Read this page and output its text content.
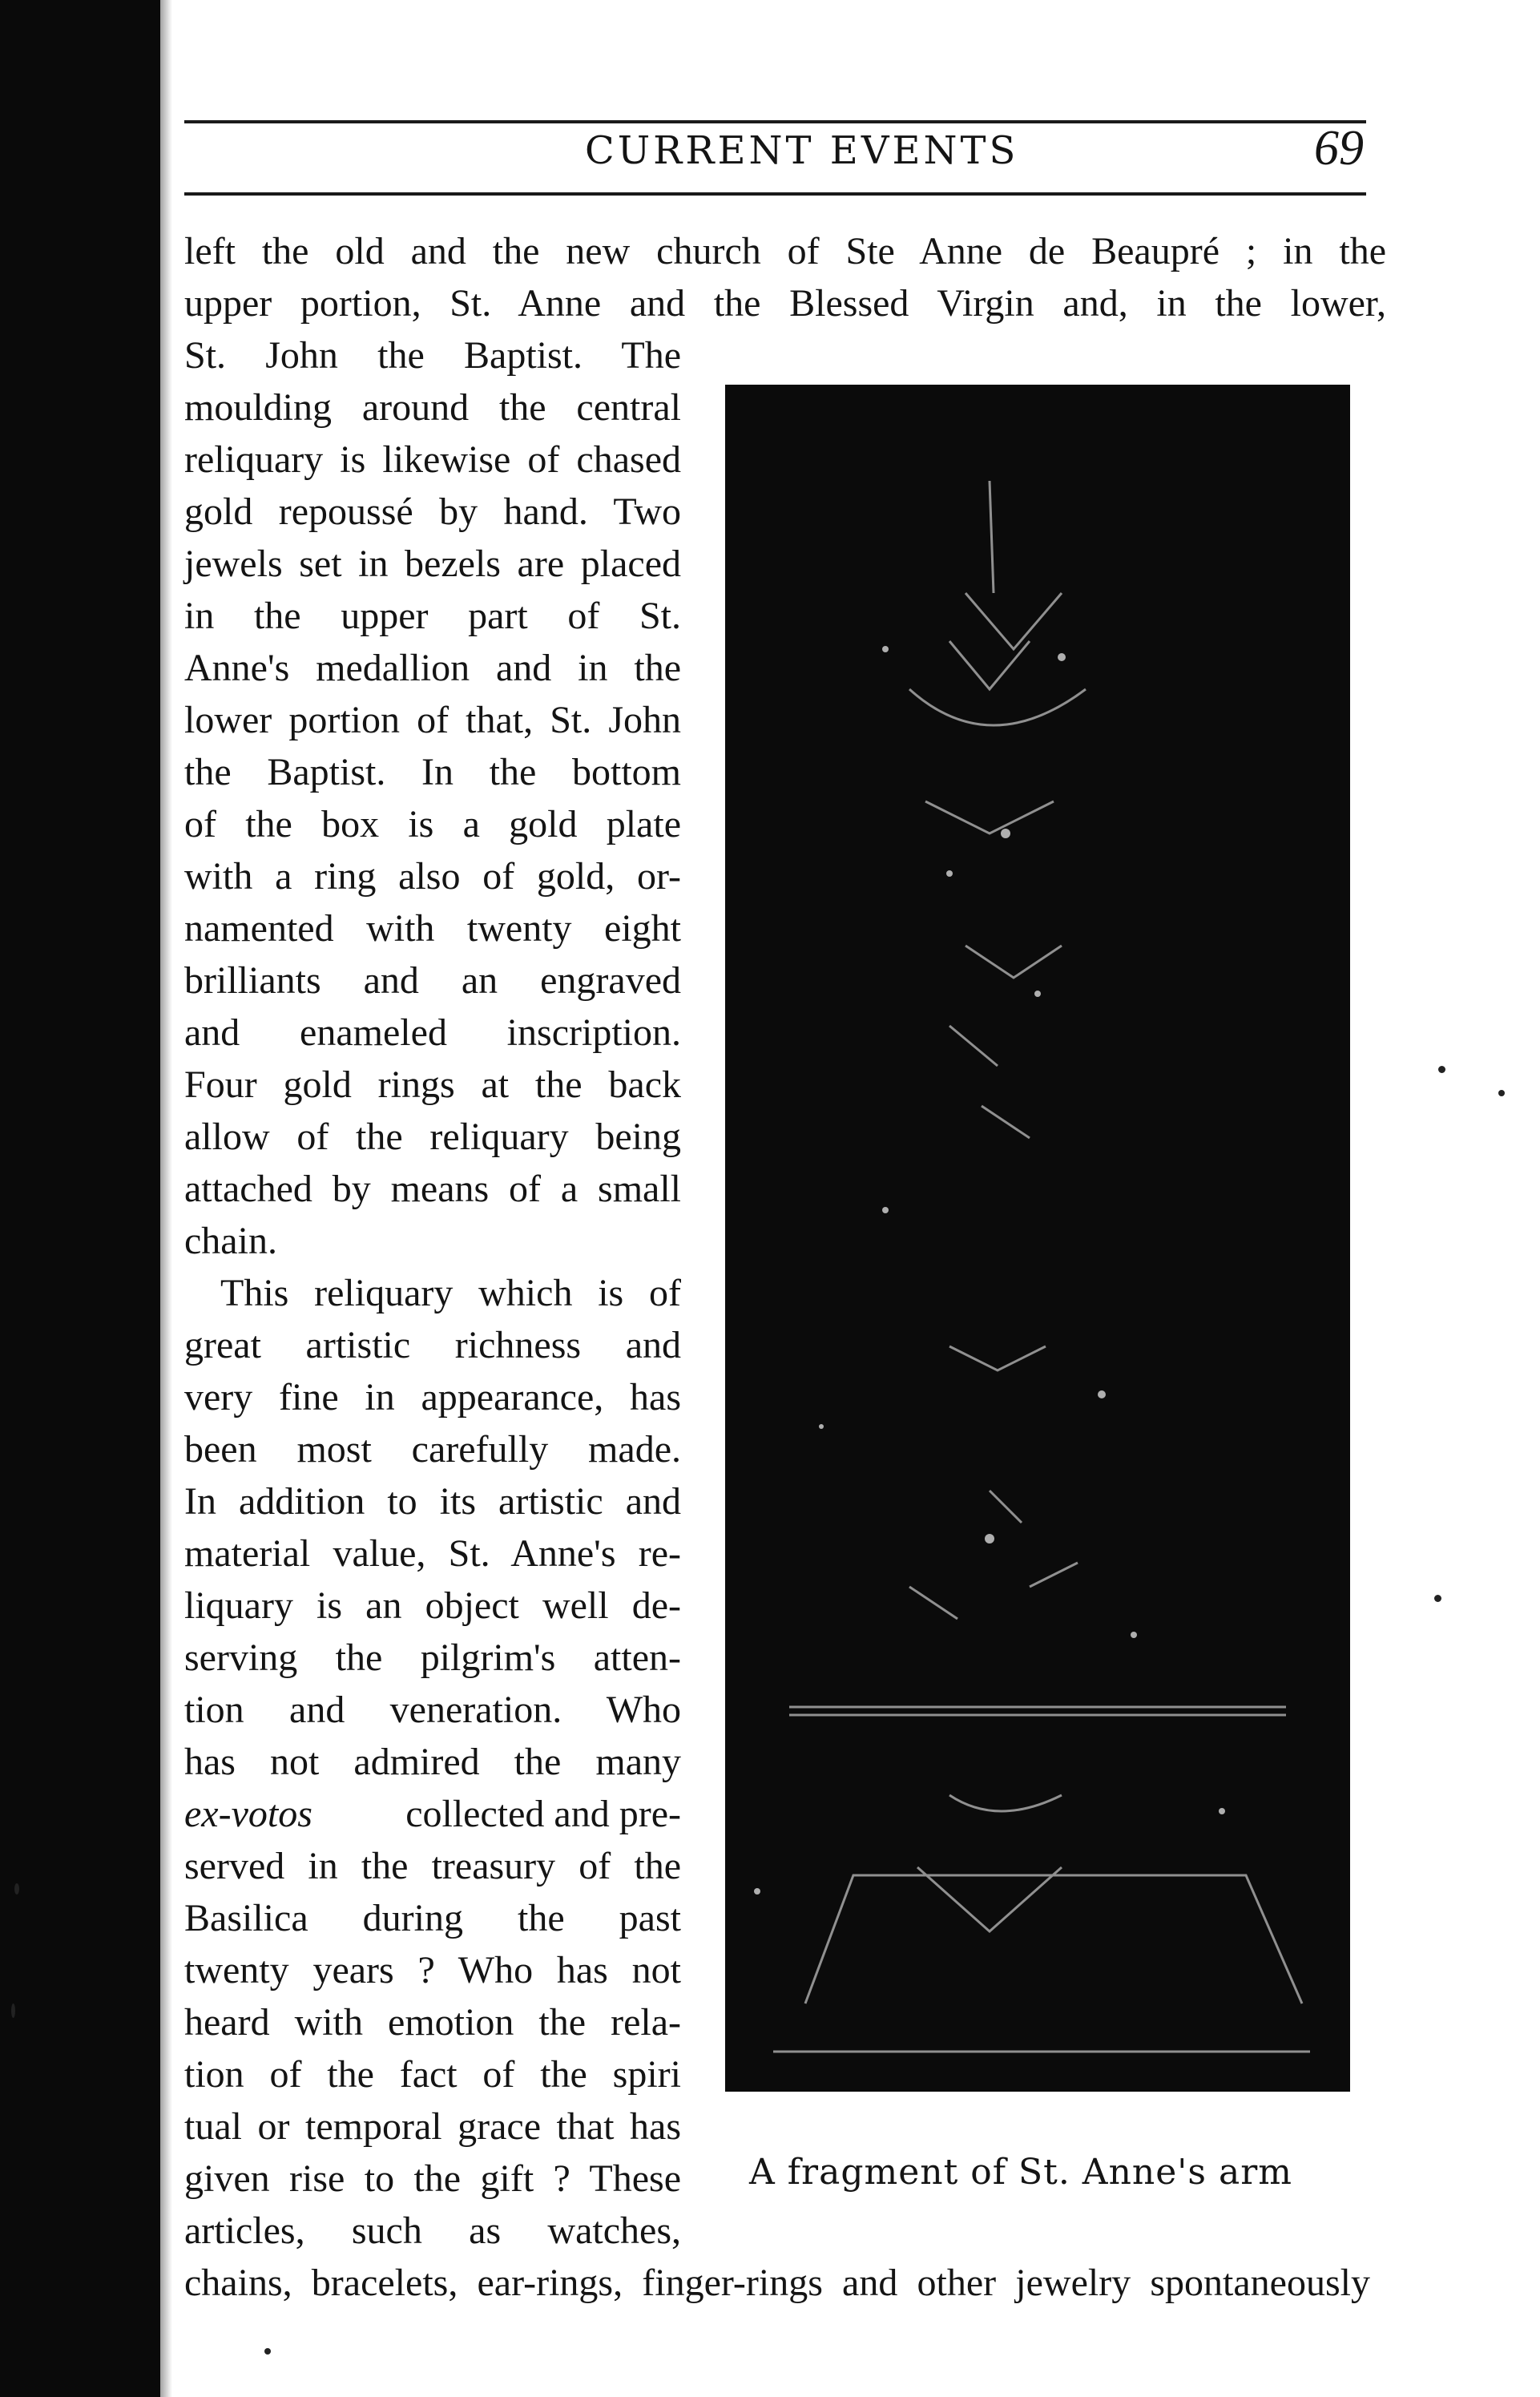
CURRENT EVENTS	69
left the old and the new church of Ste Anne de Beaupré ; in the
upper portion, St. Anne and the Blessed Virgin and, in the lower,
St. John the Baptist. The
moulding around the central
reliquary is likewise of chased
gold repoussé by hand. Two
jewels set in bezels are placed
in the upper part of St.
Anne's medallion and in the
lower portion of that, St. John
the Baptist. In the bottom
of the box is a gold plate
with a ring also of gold, or-
namented with twenty eight
brilliants and an engraved
and enameled inscription.
Four gold rings at the back
allow of the reliquary being
attached by means of a small
chain.
This reliquary which is of
great artistic richness and
very fine in appearance, has
been most carefully made.
In addition to its artistic and
material value, St. Anne's re-
liquary is an object well de-
serving the pilgrim's atten-
tion and veneration. Who
has not admired the many
ex-votos collected and pre-
served in the treasury of the
Basilica during the past
twenty years ? Who has not
heard with emotion the rela-
tion of the fact of the spiri
tual or temporal grace that has
given rise to the gift ? These
articles, such as watches,
chains, bracelets, ear-rings, finger-rings and other jewelry spontaneously
A fragment of St. Anne's arm
